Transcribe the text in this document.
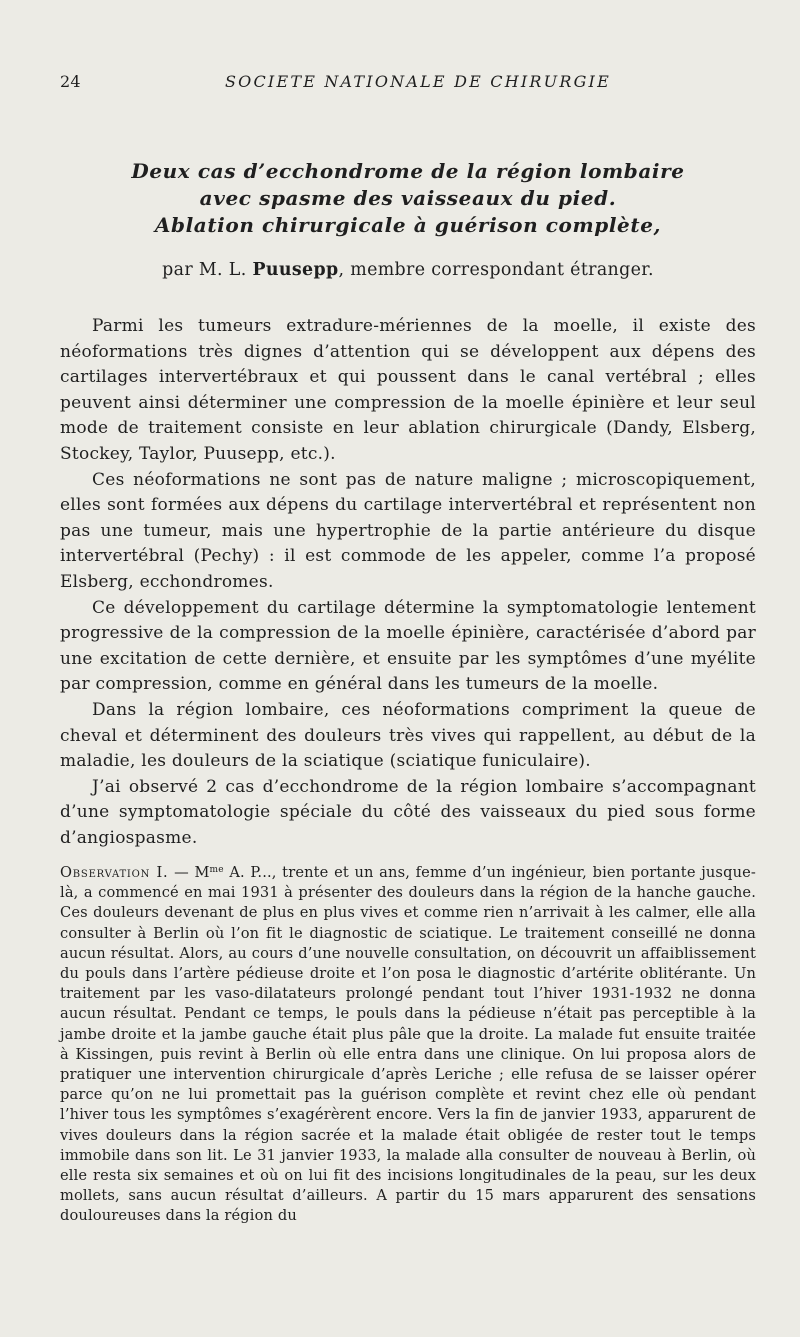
24	SOCIETE NATIONALE DE CHIRURGIE
Deux cas d’ecchondrome de la région lombaire
avec spasme des vaisseaux du pied.
Ablation chirurgicale à guérison complète,
par M. L. Puusepp, membre correspondant étranger.

Parmi les tumeurs extradure-mériennes de la moelle, il existe des néoformations très dignes d’attention qui se développent aux dépens des cartilages intervertébraux et qui poussent dans le canal vertébral ; elles peuvent ainsi déterminer une compression de la moelle épinière et leur seul mode de traitement consiste en leur ablation chirurgicale (Dandy, Elsberg, Stockey, Taylor, Puusepp, etc.).

Ces néoformations ne sont pas de nature maligne ; microscopiquement, elles sont formées aux dépens du cartilage intervertébral et représentent non pas une tumeur, mais une hypertrophie de la partie antérieure du disque intervertébral (Pechy) : il est commode de les appeler, comme l’a proposé Elsberg, ecchondromes.

Ce développement du cartilage détermine la symptomatologie lentement progressive de la compression de la moelle épinière, caractérisée d’abord par une excitation de cette dernière, et ensuite par les symptômes d’une myélite par compression, comme en général dans les tumeurs de la moelle.

Dans la région lombaire, ces néoformations compriment la queue de cheval et déterminent des douleurs très vives qui rappellent, au début de la maladie, les douleurs de la sciatique (sciatique funiculaire).

J’ai observé 2 cas d’ecchondrome de la région lombaire s’accompagnant d’une symptomatologie spéciale du côté des vaisseaux du pied sous forme d’angiospasme.

Observation I. — $M^{me}$ A. P..., trente et un ans, femme d’un ingénieur, bien portante jusque-là, a commencé en mai 1931 à présenter des douleurs dans la région de la hanche gauche. Ces douleurs devenant de plus en plus vives et comme rien n’arrivait à les calmer, elle alla consulter à Berlin où l’on fit le diagnostic de sciatique. Le traitement conseillé ne donna aucun résultat. Alors, au cours d’une nouvelle consultation, on découvrit un affaiblissement du pouls dans l’artère pédieuse droite et l’on posa le diagnostic d’artérite oblitérante. Un traitement par les vaso-dilatateurs prolongé pendant tout l’hiver 1931-1932 ne donna aucun résultat. Pendant ce temps, le pouls dans la pédieuse n’était pas perceptible à la jambe droite et la jambe gauche était plus pâle que la droite. La malade fut ensuite traitée à Kissingen, puis revint à Berlin où elle entra dans une clinique. On lui proposa alors de pratiquer une intervention chirurgicale d’après Leriche ; elle refusa de se laisser opérer parce qu’on ne lui promettait pas la guérison complète et revint chez elle où pendant l’hiver tous les symptômes s’exagérèrent encore. Vers la fin de janvier 1933, apparurent de vives douleurs dans la région sacrée et la malade était obligée de rester tout le temps immobile dans son lit. Le 31 janvier 1933, la malade alla consulter de nouveau à Berlin, où elle resta six semaines et où on lui fit des incisions longitudinales de la peau, sur les deux mollets, sans aucun résultat d’ailleurs. A partir du 15 mars apparurent des sensations douloureuses dans la région du
